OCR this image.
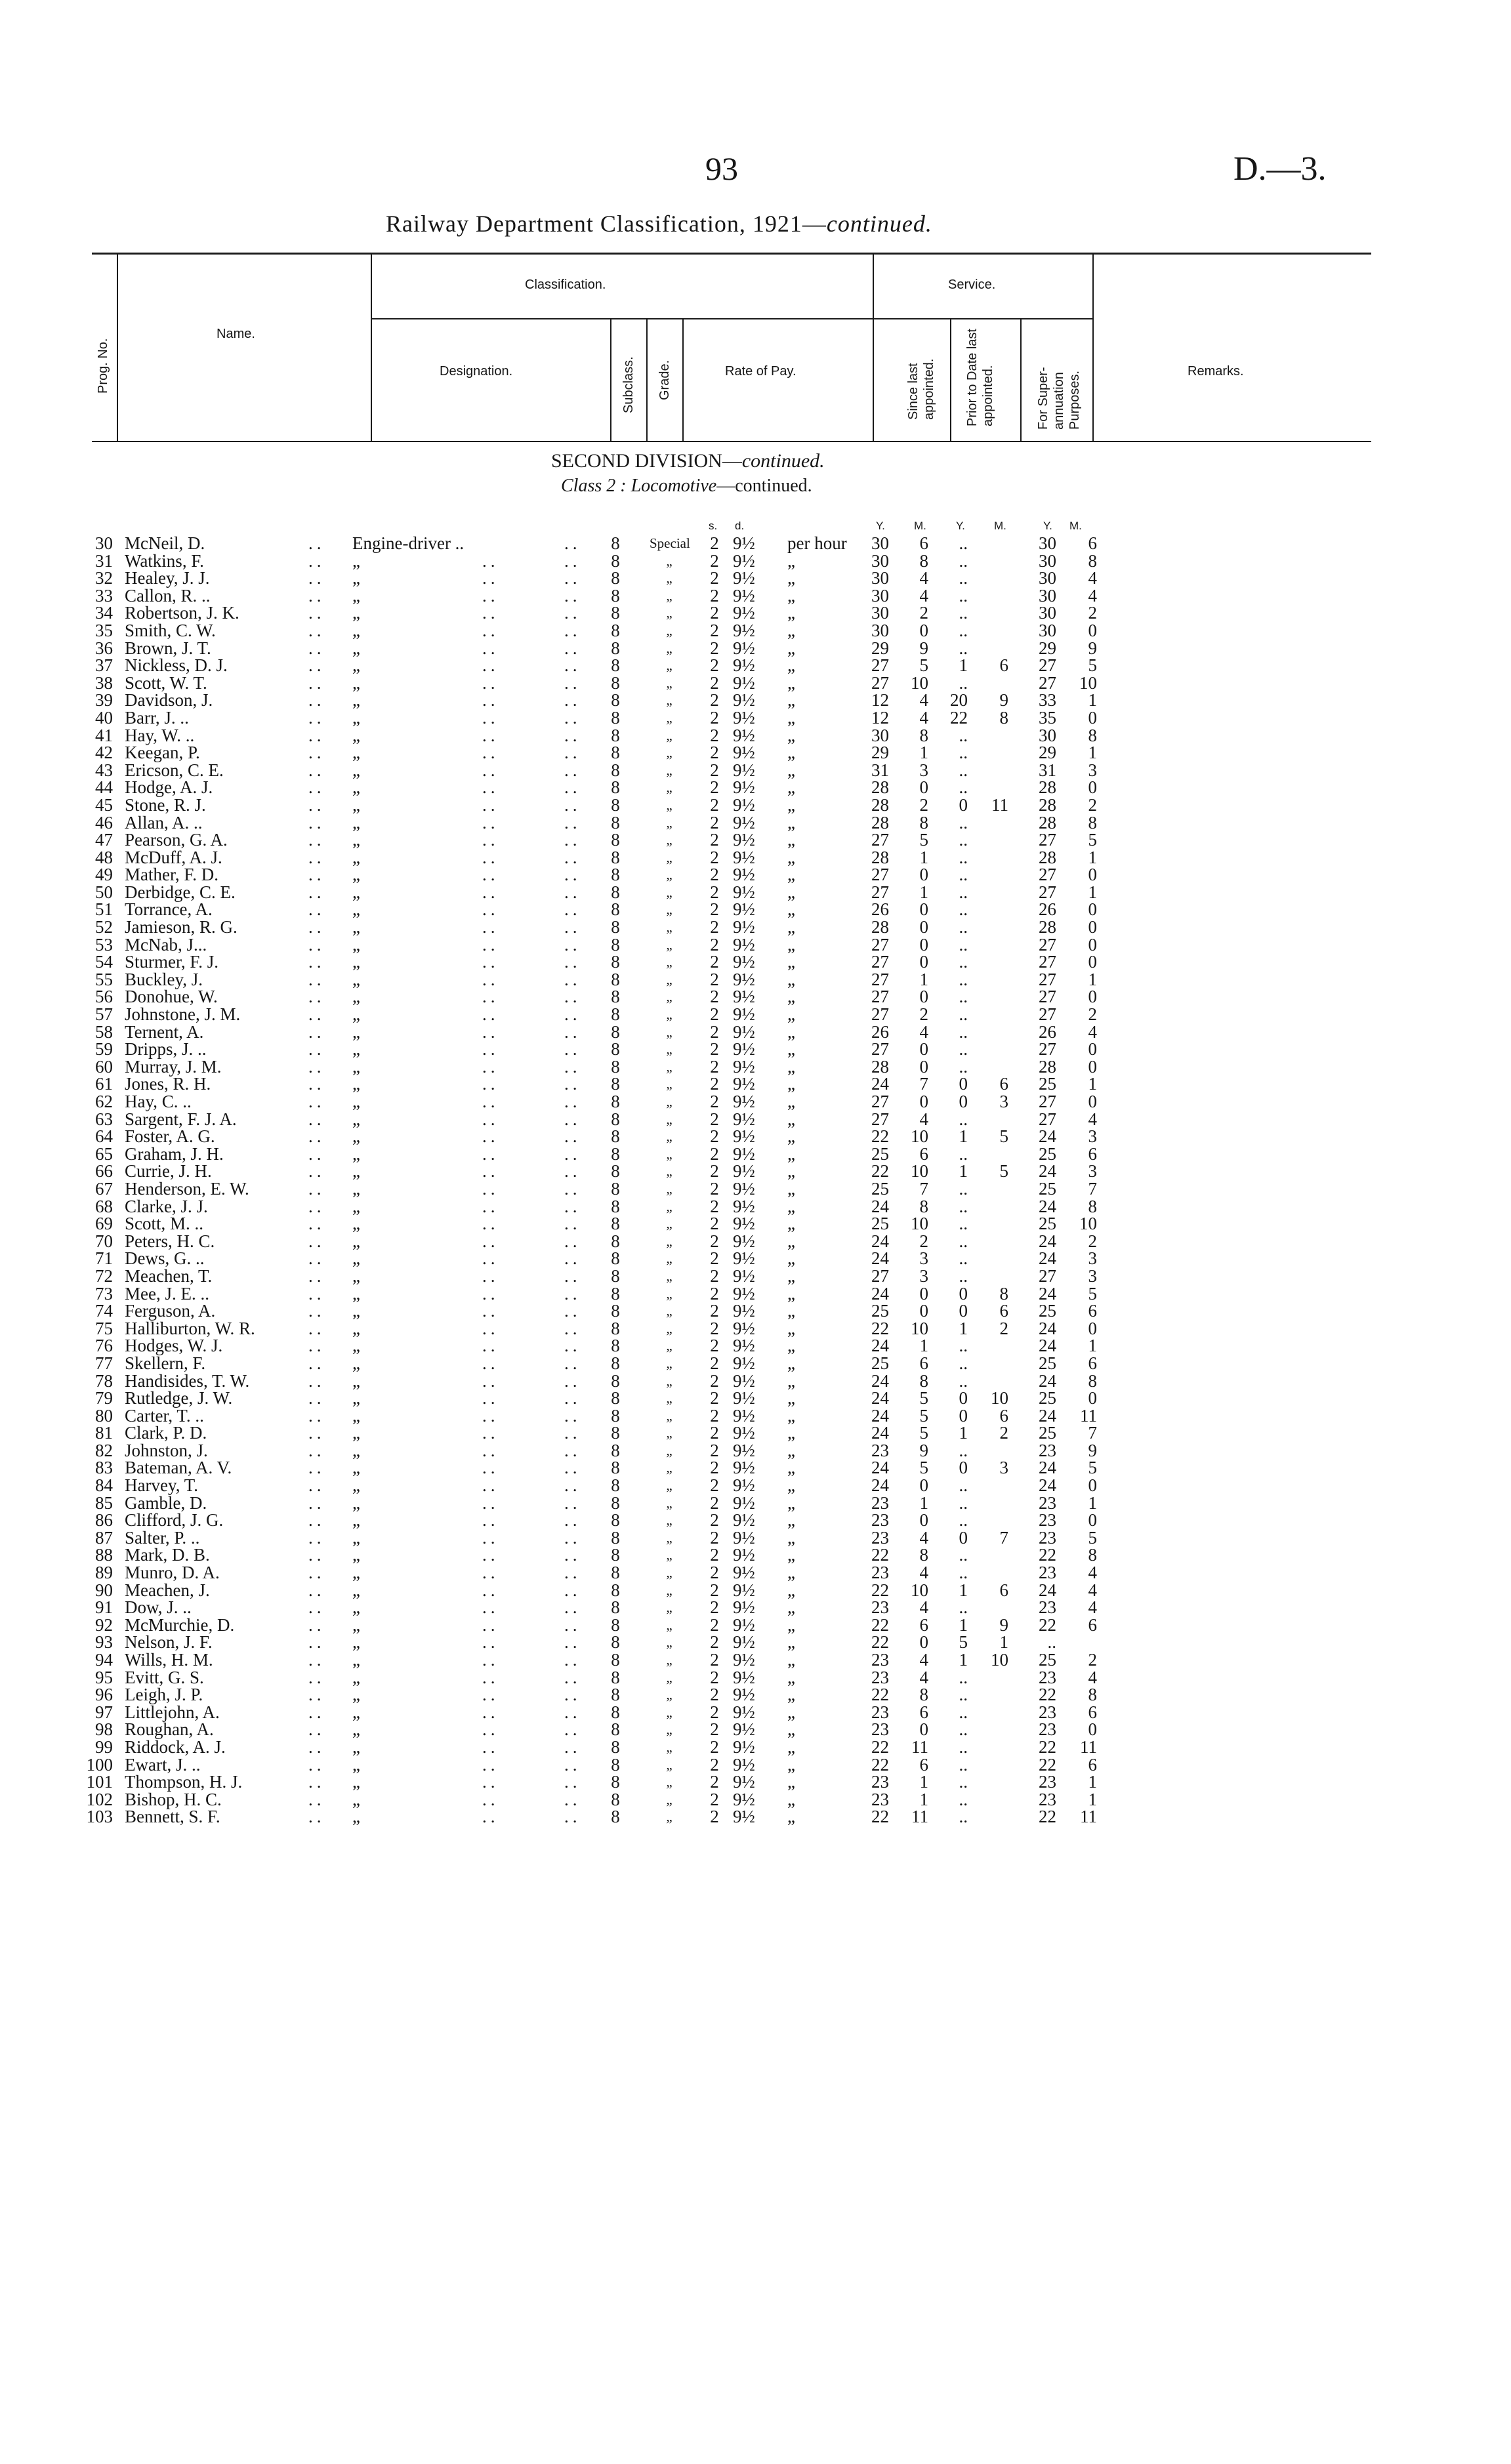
93	D.—3.
Railway Department Classification, 1921—continued.
Prog. No.
Name.
Classification.
Designation.	Subclass. Grade.	Rate of Pay.
Service.
Since last appointed. Prior to Date last appointed.	For Super-annuation Purposes.	Remarks.
SECOND DIVISION—continued.
Class 2 : Locomotive—continued.
s. d.	Y.	M.	Y.	M.	Y. M.
30 McNeil, D.	.. Engine-driver ..	.. 8 Special 2 9½	per hour	30	6	..	30	6
31 Watkins, F.	.. „	..	.. 8	„	2 9½	„	30	8	..	30	8
32 Healey, J. J.	.. „	..	.. 8	„	2 9½	„	30	4	..	30	4
33 Callon, R. ..	.. „	..	.. 8	„	2 9½	„	30	4	..	30	4
34 Robertson, J. K.	.. „	..	.. 8	„	2 9½	„	30	2	..	30	2
35 Smith, C. W.	.. „	..	.. 8	„	2 9½	„	30	0	..	30	0
36 Brown, J. T.	.. „	..	.. 8	„	2 9½	„	29	9	..	29	9
37 Nickless, D. J.	.. „	..	.. 8	„	2 9½	„	27	5	1	6	27	5
38 Scott, W. T.	.. „	..	.. 8	„	2 9½	„	27	10	..	27	10
39 Davidson, J.	.. „	..	.. 8	„	2 9½	„	12	4	20	9	33	1
40 Barr, J. ..	.. „	..	.. 8	„	2 9½	„	12	4	22	8	35	0
41 Hay, W. ..	.. „	..	.. 8	„	2 9½	„	30	8	..	30	8
42 Keegan, P.	.. „	..	.. 8	„	2 9½	„	29	1	..	29	1
43 Ericson, C. E.	.. „	..	.. 8	„	2 9½	„	31	3	..	31	3
44 Hodge, A. J.	.. „	..	.. 8	„	2 9½	„	28	0	..	28	0
45 Stone, R. J.	.. „	..	.. 8	„	2 9½	„	28	2	0	11	28	2
46 Allan, A. ..	.. „	..	.. 8	„	2 9½	„	28	8	..	28	8
47 Pearson, G. A.	.. „	..	.. 8	„	2 9½	„	27	5	..	27	5
48 McDuff, A. J.	.. „	..	.. 8	„	2 9½	„	28	1	..	28	1
49 Mather, F. D.	.. „	..	.. 8	„	2 9½	„	27	0	..	27	0
50 Derbidge, C. E.	.. „	..	.. 8	„	2 9½	„	27	1	..	27	1
51 Torrance, A.	.. „	..	.. 8	„	2 9½	„	26	0	..	26	0
52 Jamieson, R. G.	.. „	..	.. 8	„	2 9½	„	28	0	..	28	0
53 McNab, J...	.. „	..	.. 8	„	2 9½	„	27	0	..	27	0
54 Sturmer, F. J.	.. „	..	.. 8	„	2 9½	„	27	0	..	27	0
55 Buckley, J.	.. „	..	.. 8	„	2 9½	„	27	1	..	27	1
56 Donohue, W.	.. „	..	.. 8	„	2 9½	„	27	0	..	27	0
57 Johnstone, J. M.	.. „	..	.. 8	„	2 9½	„	27	2	..	27	2
58 Ternent, A.	.. „	..	.. 8	„	2 9½	„	26	4	..	26	4
59 Dripps, J. ..	.. „	..	.. 8	„	2 9½	„	27	0	..	27	0
60 Murray, J. M.	.. „	..	.. 8	„	2 9½	„	28	0	..	28	0
61 Jones, R. H.	.. „	..	.. 8	„	2 9½	„	24	7	0	6	25	1
62 Hay, C. ..	.. „	..	.. 8	„	2 9½	„	27	0	0	3	27	0
63 Sargent, F. J. A.	.. „	..	.. 8	„	2 9½	„	27	4	..	27	4
64 Foster, A. G.	.. „	..	.. 8	„	2 9½	„	22	10	1	5	24	3
65 Graham, J. H.	.. „	..	.. 8	„	2 9½	„	25	6	..	25	6
66 Currie, J. H.	.. „	..	.. 8	„	2 9½	„	22	10	1	5	24	3
67 Henderson, E. W.	.. „	..	.. 8	„	2 9½	„	25	7	..	25	7
68 Clarke, J. J.	.. „	..	.. 8	„	2 9½	„	24	8	..	24	8
69 Scott, M. ..	.. „	..	.. 8	„	2 9½	„	25	10	..	25	10
70 Peters, H. C.	.. „	..	.. 8	„	2 9½	„	24	2	..	24	2
71 Dews, G. ..	.. „	..	.. 8	„	2 9½	„	24	3	..	24	3
72 Meachen, T.	.. „	..	.. 8	„	2 9½	„	27	3	..	27	3
73 Mee, J. E. ..	.. „	..	.. 8	„	2 9½	„	24	0	0	8	24	5
74 Ferguson, A.	.. „	..	.. 8	„	2 9½	„	25	0	0	6	25	6
75 Halliburton, W. R.	.. „	..	.. 8	„	2 9½	„	22	10	1	2	24	0
76 Hodges, W. J.	.. „	..	.. 8	„	2 9½	„	24	1	..	24	1
77 Skellern, F.	.. „	..	.. 8	„	2 9½	„	25	6	..	25	6
78 Handisides, T. W.	.. „	..	.. 8	„	2 9½	„	24	8	..	24	8
79 Rutledge, J. W.	.. „	..	.. 8	„	2 9½	„	24	5	0	10	25	0
80 Carter, T. ..	.. „	..	.. 8	„	2 9½	„	24	5	0	6	24	11
81 Clark, P. D.	.. „	..	.. 8	„	2 9½	„	24	5	1	2	25	7
82 Johnston, J.	.. „	..	.. 8	„	2 9½	„	23	9	..	23	9
83 Bateman, A. V.	.. „	..	.. 8	„	2 9½	„	24	5	0	3	24	5
84 Harvey, T.	.. „	..	.. 8	„	2 9½	„	24	0	..	24	0
85 Gamble, D.	.. „	..	.. 8	„	2 9½	„	23	1	..	23	1
86 Clifford, J. G.	.. „	..	.. 8	„	2 9½	„	23	0	..	23	0
87 Salter, P. ..	.. „	..	.. 8	„	2 9½	„	23	4	0	7	23	5
88 Mark, D. B.	.. „	..	.. 8	„	2 9½	„	22	8	..	22	8
89 Munro, D. A.	.. „	..	.. 8	„	2 9½	„	23	4	..	23	4
90 Meachen, J.	.. „	..	.. 8	„	2 9½	„	22	10	1	6	24	4
91 Dow, J. ..	.. „	..	.. 8	„	2 9½	„	23	4	..	23	4
92 McMurchie, D.	.. „	..	.. 8	„	2 9½	„	22	6	1	9	22	6
93 Nelson, J. F.	.. „	..	.. 8	„	2 9½	„	22	0	5	1	..
94 Wills, H. M.	.. „	..	.. 8	„	2 9½	„	23	4	1	10	25	2
95 Evitt, G. S.	.. „	..	.. 8	„	2 9½	„	23	4	..	23	4
96 Leigh, J. P.	.. „	..	.. 8	„	2 9½	„	22	8	..	22	8
97 Littlejohn, A.	.. „	..	.. 8	„	2 9½	„	23	6	..	23	6
98 Roughan, A.	.. „	..	.. 8	„	2 9½	„	23	0	..	23	0
99 Riddock, A. J.	.. „	..	.. 8	„	2 9½	„	22	11	..	22	11
100 Ewart, J. ..	.. „	..	.. 8	„	2 9½	„	22	6	..	22	6
101 Thompson, H. J.	.. „	..	.. 8	„	2 9½	„	23	1	..	23	1
102 Bishop, H. C.	.. „	..	.. 8	„	2 9½	„	23	1	..	23	1
103 Bennett, S. F.	.. „	..	.. 8	„	2 9½	„	22	11	..	22	11
